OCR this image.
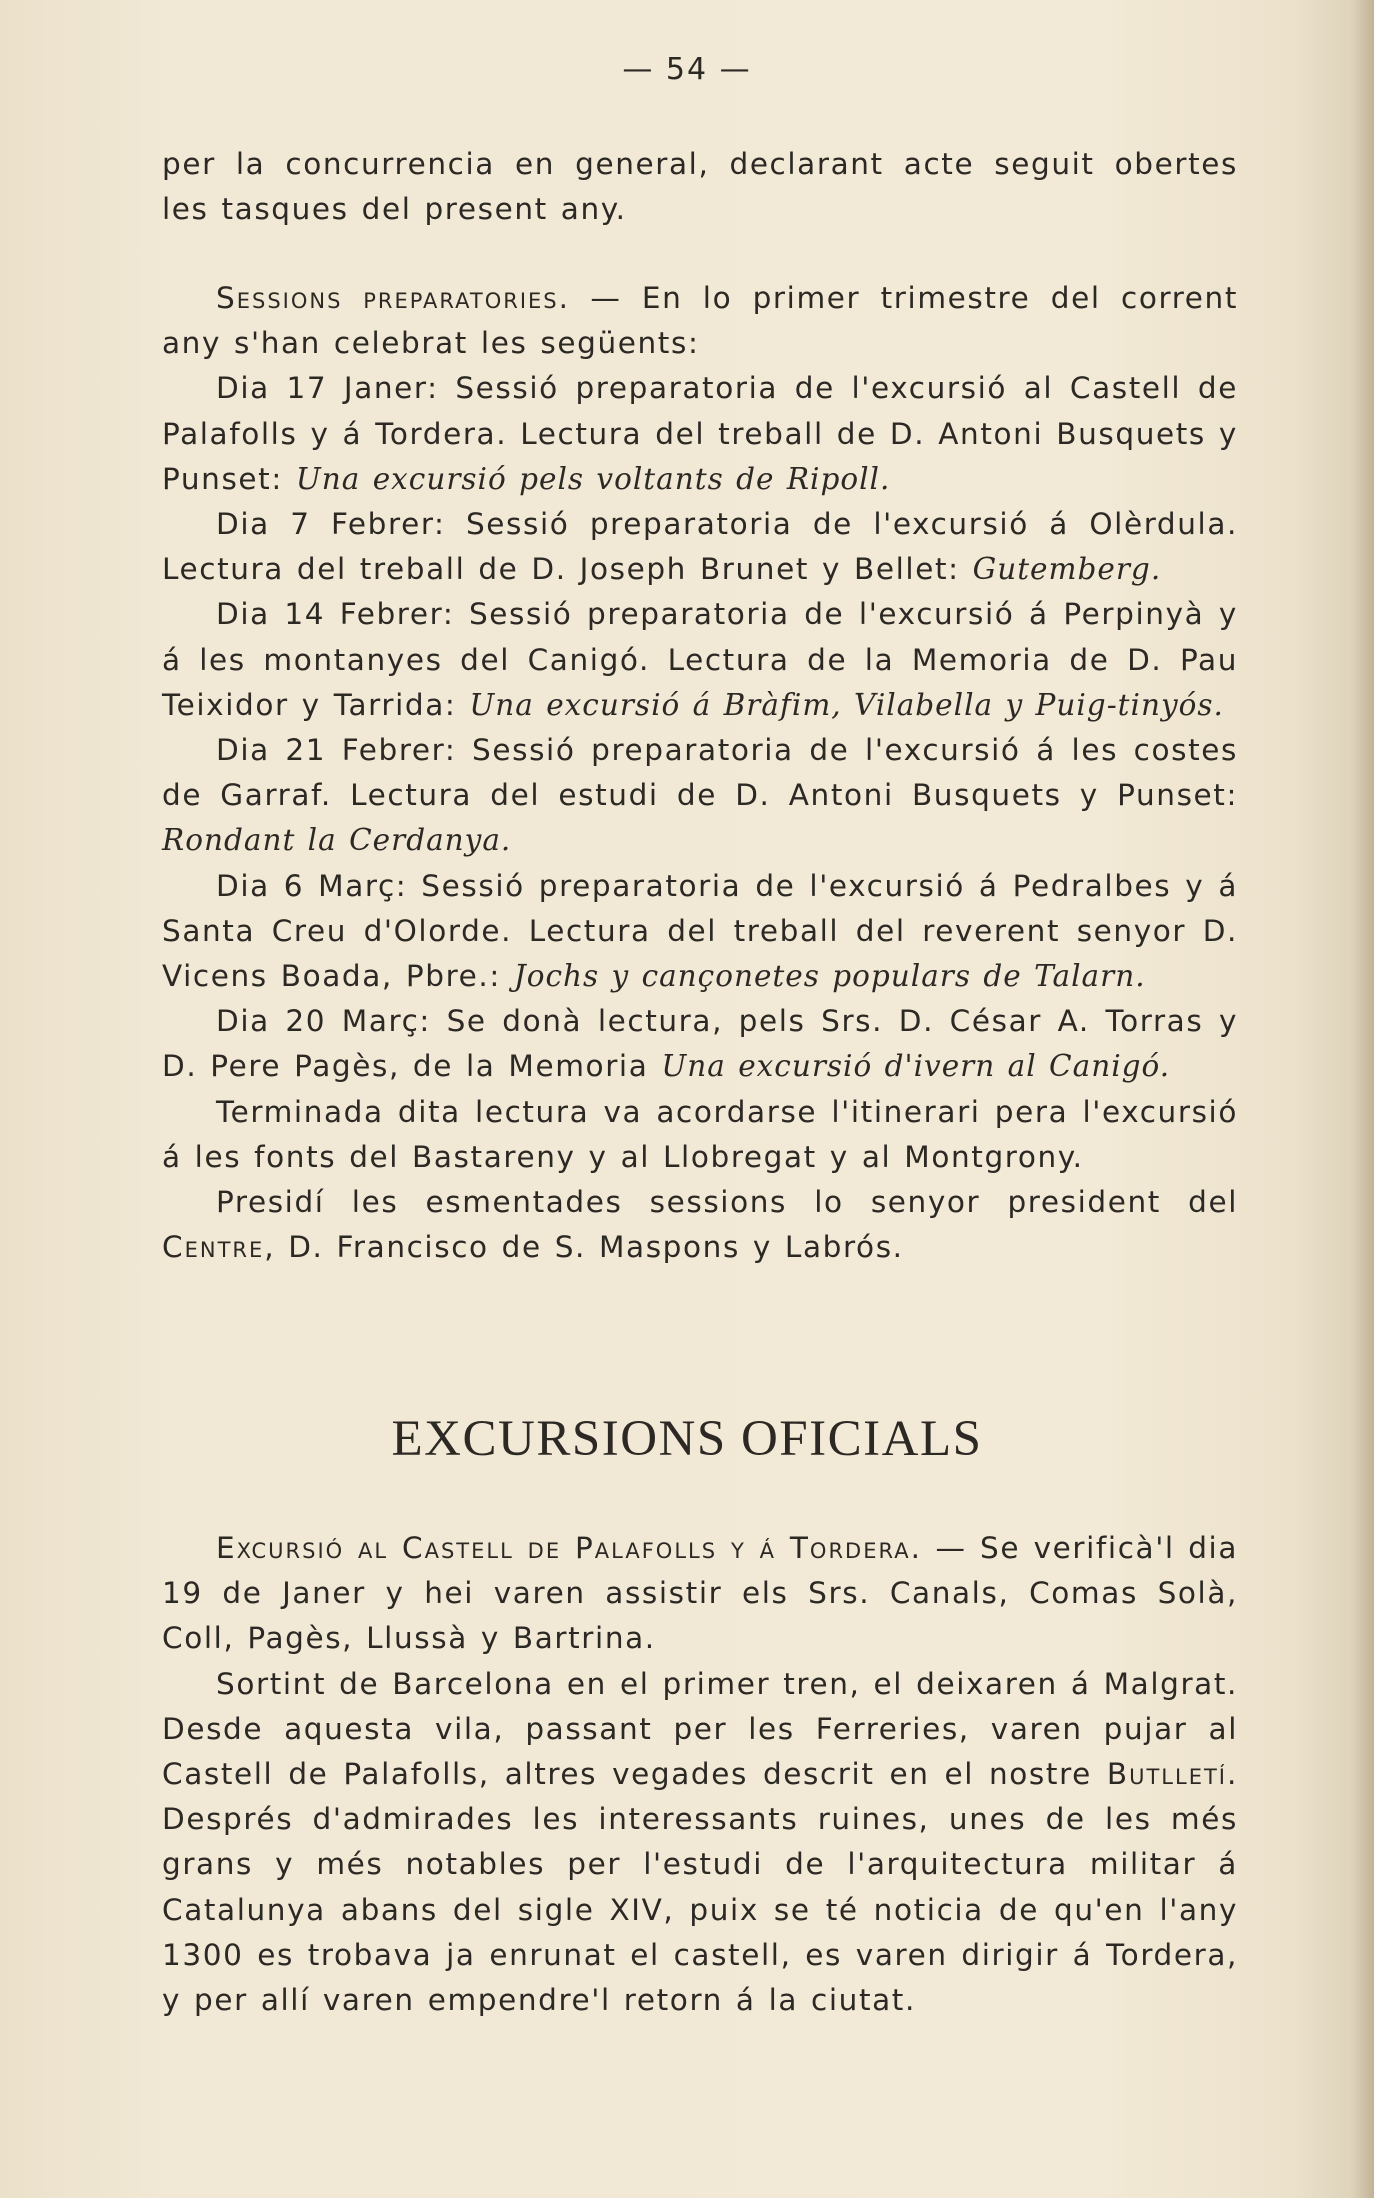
— 54 —

per la concurrencia en general, declarant acte seguit obertes les tasques del present any.

Sessions preparatories. — En lo primer trimestre del corrent any s'han celebrat les següents:

Dia 17 Janer: Sessió preparatoria de l'excursió al Castell de Palafolls y á Tordera. Lectura del treball de D. Antoni Busquets y Punset: Una excursió pels voltants de Ripoll.

Dia 7 Febrer: Sessió preparatoria de l'excursió á Olèrdula. Lectura del treball de D. Joseph Brunet y Bellet: Gutemberg.

Dia 14 Febrer: Sessió preparatoria de l'excursió á Perpinyà y á les montanyes del Canigó. Lectura de la Memoria de D. Pau Teixidor y Tarrida: Una excursió á Bràfim, Vilabella y Puig-tinyós.

Dia 21 Febrer: Sessió preparatoria de l'excursió á les costes de Garraf. Lectura del estudi de D. Antoni Busquets y Punset: Rondant la Cerdanya.

Dia 6 Març: Sessió preparatoria de l'excursió á Pedralbes y á Santa Creu d'Olorde. Lectura del treball del reverent senyor D. Vicens Boada, Pbre.: Jochs y cançonetes populars de Talarn.

Dia 20 Març: Se donà lectura, pels Srs. D. César A. Torras y D. Pere Pagès, de la Memoria Una excursió d'ivern al Canigó.

Terminada dita lectura va acordarse l'itinerari pera l'excursió á les fonts del Bastareny y al Llobregat y al Montgrony.

Presidí les esmentades sessions lo senyor president del Centre, D. Francisco de S. Maspons y Labrós.

EXCURSIONS OFICIALS

Excursió al Castell de Palafolls y á Tordera. — Se verificà'l dia 19 de Janer y hei varen assistir els Srs. Canals, Comas Solà, Coll, Pagès, Llussà y Bartrina.

Sortint de Barcelona en el primer tren, el deixaren á Malgrat. Desde aquesta vila, passant per les Ferreries, varen pujar al Castell de Palafolls, altres vegades descrit en el nostre Butlletí. Després d'admirades les interessants ruines, unes de les més grans y més notables per l'estudi de l'arquitectura militar á Catalunya abans del sigle XIV, puix se té noticia de qu'en l'any 1300 es trobava ja enrunat el castell, es varen dirigir á Tordera, y per allí varen empendre'l retorn á la ciutat.
